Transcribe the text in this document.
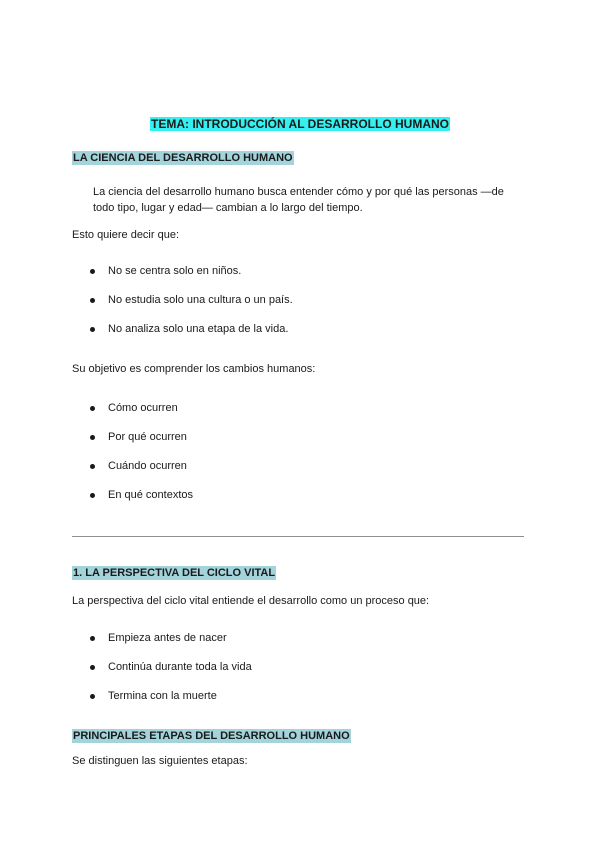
TEMA: INTRODUCCIÓN AL DESARROLLO HUMANO
LA CIENCIA DEL DESARROLLO HUMANO
La ciencia del desarrollo humano busca entender cómo y por qué las personas —de
todo tipo, lugar y edad— cambian a lo largo del tiempo.
Esto quiere decir que:
No se centra solo en niños.
No estudia solo una cultura o un país.
No analiza solo una etapa de la vida.
Su objetivo es comprender los cambios humanos:
Cómo ocurren
Por qué ocurren
Cuándo ocurren
En qué contextos
1. LA PERSPECTIVA DEL CICLO VITAL
La perspectiva del ciclo vital entiende el desarrollo como un proceso que:
Empieza antes de nacer
Continúa durante toda la vida
Termina con la muerte
PRINCIPALES ETAPAS DEL DESARROLLO HUMANO
Se distinguen las siguientes etapas:
